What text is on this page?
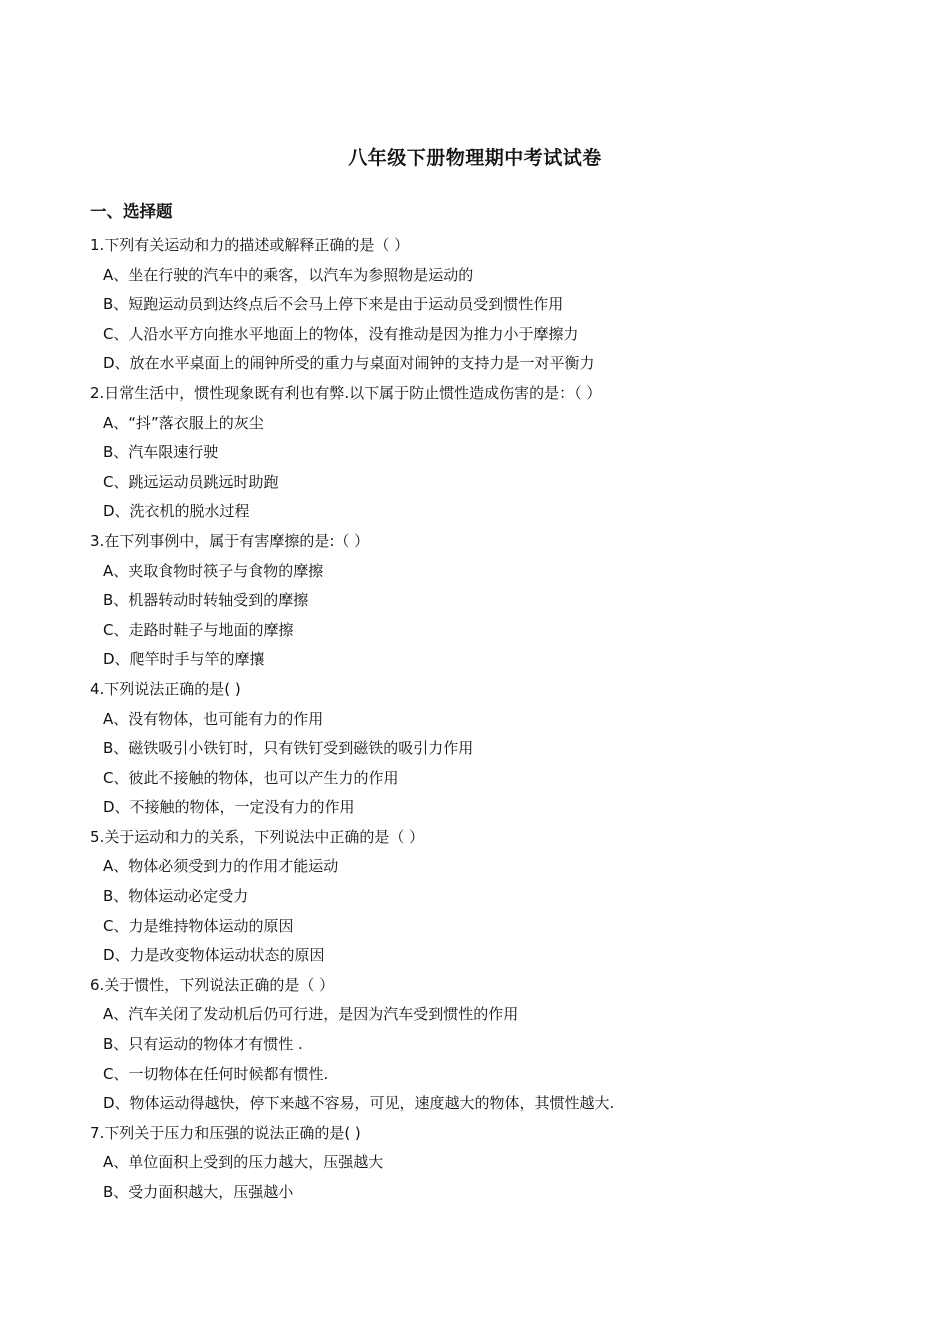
八年级下册物理期中考试试卷
一、选择题
1.下列有关运动和力的描述或解释正确的是（ ）
A、坐在行驶的汽车中的乘客，以汽车为参照物是运动的
B、短跑运动员到达终点后不会马上停下来是由于运动员受到惯性作用
C、人沿水平方向推水平地面上的物体，没有推动是因为推力小于摩擦力
D、放在水平桌面上的闹钟所受的重力与桌面对闹钟的支持力是一对平衡力
2.日常生活中，惯性现象既有利也有弊.以下属于防止惯性造成伤害的是：（ ）
A、“抖”落衣服上的灰尘
B、汽车限速行驶
C、跳远运动员跳远时助跑
D、洗衣机的脱水过程
3.在下列事例中，属于有害摩擦的是:（ ）
A、夹取食物时筷子与食物的摩擦
B、机器转动时转轴受到的摩擦
C、走路时鞋子与地面的摩擦
D、爬竿时手与竿的摩攘
4.下列说法正确的是( )
A、没有物体，也可能有力的作用
B、磁铁吸引小铁钉时，只有铁钉受到磁铁的吸引力作用
C、彼此不接触的物体，也可以产生力的作用
D、不接触的物体，一定没有力的作用
5.关于运动和力的关系，下列说法中正确的是（ ）
A、物体必须受到力的作用才能运动
B、物体运动必定受力
C、力是维持物体运动的原因
D、力是改变物体运动状态的原因
6.关于惯性，下列说法正确的是（ ）
A、汽车关闭了发动机后仍可行进，是因为汽车受到惯性的作用
B、只有运动的物体才有惯性 .
C、一切物体在任何时候都有惯性.
D、物体运动得越快，停下来越不容易，可见，速度越大的物体，其惯性越大.
7.下列关于压力和压强的说法正确的是( )
A、单位面积上受到的压力越大，压强越大
B、受力面积越大，压强越小
